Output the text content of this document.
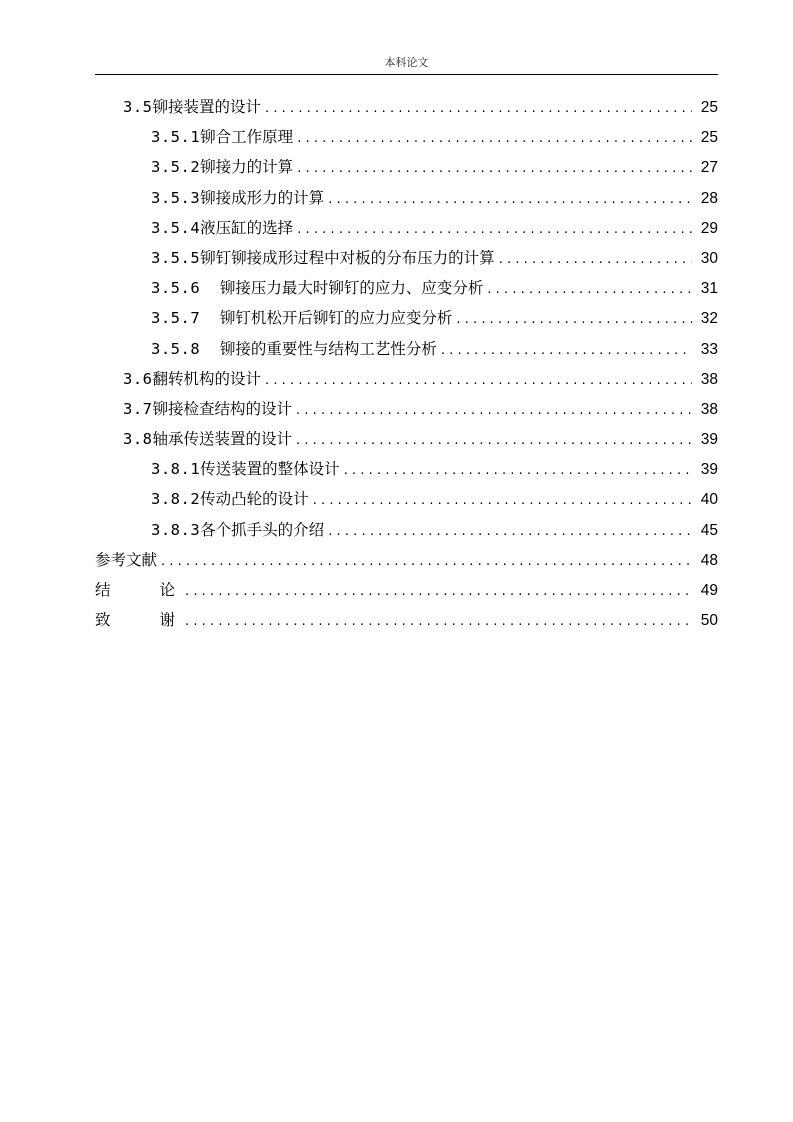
本科论文
3.5 铆接装置的设计 .....	25
3.5.1 铆合工作原理 .....	25
3.5.2 铆接力的计算 .....	27
3.5.3 铆接成形力的计算 .....	28
3.5.4 液压缸的选择 .....	29
3.5.5 铆钉铆接成形过程中对板的分布压力的计算 .....	30
3.5.6 铆接压力最大时铆钉的应力、应变分析 .....	31
3.5.7 铆钉机松开后铆钉的应力应变分析 .....	32
3.5.8 铆接的重要性与结构工艺性分析 .....	33
3.6 翻转机构的设计 .....	38
3.7 铆接检查结构的设计 .....	38
3.8 轴承传送装置的设计 .....	39
3.8.1 传送装置的整体设计 .....	39
3.8.2 传动凸轮的设计 .....	40
3.8.3 各个抓手头的介绍 .....	45
参考文献 .....	48
结　　论 .....	49
致　　谢 .....	50
